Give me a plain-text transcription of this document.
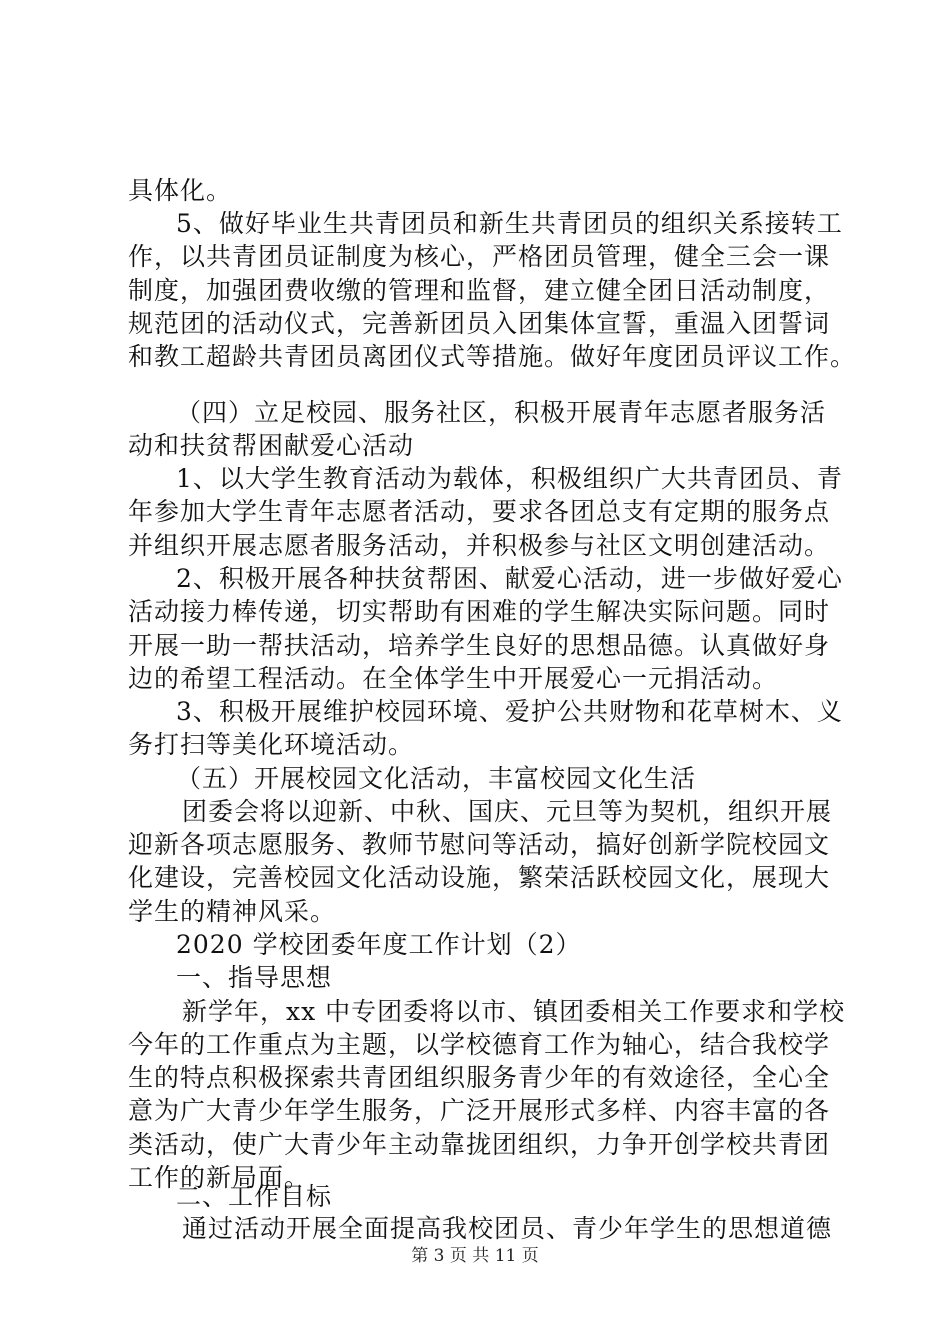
具体化。
5、做好毕业生共青团员和新生共青团员的组织关系接转工
作，以共青团员证制度为核心，严格团员管理，健全三会一课
制度，加强团费收缴的管理和监督，建立健全团日活动制度，
规范团的活动仪式，完善新团员入团集体宣誓，重温入团誓词
和教工超龄共青团员离团仪式等措施。做好年度团员评议工作。
（四）立足校园、服务社区，积极开展青年志愿者服务活
动和扶贫帮困献爱心活动
1、以大学生教育活动为载体，积极组织广大共青团员、青
年参加大学生青年志愿者活动，要求各团总支有定期的服务点
并组织开展志愿者服务活动，并积极参与社区文明创建活动。
2、积极开展各种扶贫帮困、献爱心活动，进一步做好爱心
活动接力棒传递，切实帮助有困难的学生解决实际问题。同时
开展一助一帮扶活动，培养学生良好的思想品德。认真做好身
边的希望工程活动。在全体学生中开展爱心一元捐活动。
3、积极开展维护校园环境、爱护公共财物和花草树木、义
务打扫等美化环境活动。
（五）开展校园文化活动，丰富校园文化生活
团委会将以迎新、中秋、国庆、元旦等为契机，组织开展
迎新各项志愿服务、教师节慰问等活动，搞好创新学院校园文
化建设，完善校园文化活动设施，繁荣活跃校园文化，展现大
学生的精神风采。
2020 学校团委年度工作计划（2）
一、指导思想
新学年，xx 中专团委将以市、镇团委相关工作要求和学校
今年的工作重点为主题，以学校德育工作为轴心，结合我校学
生的特点积极探索共青团组织服务青少年的有效途径，全心全
意为广大青少年学生服务，广泛开展形式多样、内容丰富的各
类活动，使广大青少年主动靠拢团组织，力争开创学校共青团
工作的新局面。
二、工作目标
通过活动开展全面提高我校团员、青少年学生的思想道德
第 3 页 共 11 页
